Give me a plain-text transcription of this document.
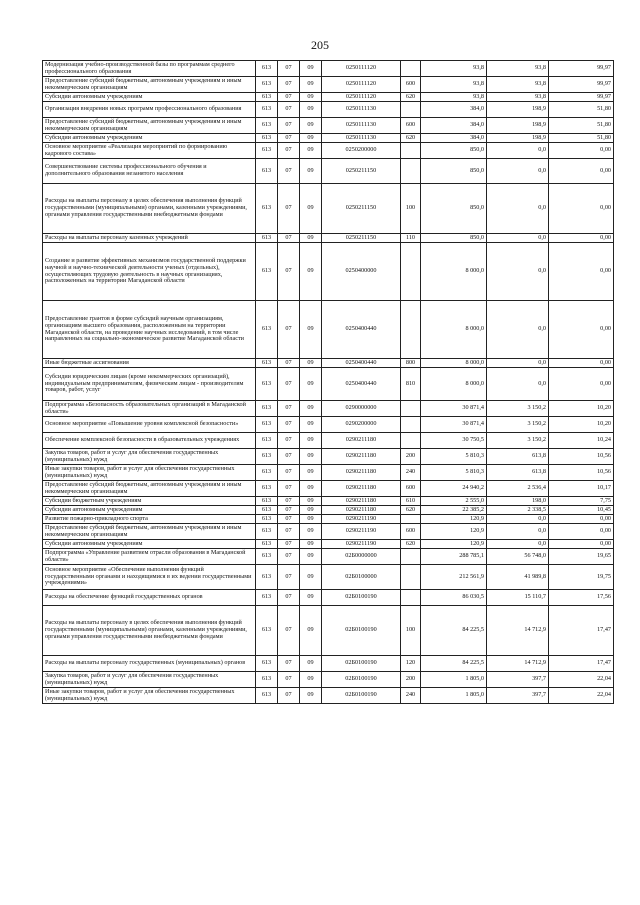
205
Модернизация учебно-производственной базы по программам среднего профессионального образования	613	07	09	0250111120		93,8	93,8	99,97
Предоставление субсидий бюджетным, автономным учреждениям и иным некоммерческим организациям	613	07	09	0250111120	600	93,8	93,8	99,97
Субсидии автономным учреждениям	613	07	09	0250111120	620	93,8	93,8	99,97
Организация внедрения новых программ профессионального образования	613	07	09	0250111130		384,0	198,9	51,80
Предоставление субсидий бюджетным, автономным учреждениям и иным некоммерческим организациям	613	07	09	0250111130	600	384,0	198,9	51,80
Субсидии автономным учреждениям	613	07	09	0250111130	620	384,0	198,9	51,80
Основное мероприятие «Реализация мероприятий по формированию кадрового состава»	613	07	09	0250200000		850,0	0,0	0,00
Совершенствование системы профессионального обучения и дополнительного образования незанятого населения	613	07	09	0250211150		850,0	0,0	0,00
Расходы на выплаты персоналу в целях обеспечения выполнения функций государственными (муниципальными) органами, казенными учреждениями, органами управления государственными внебюджетными фондами	613	07	09	0250211150	100	850,0	0,0	0,00
Расходы на выплаты персоналу казенных учреждений	613	07	09	0250211150	110	850,0	0,0	0,00
Создание и развитие эффективных механизмов государственной поддержки научной и научно-технической деятельности ученых (отдельных), осуществляющих трудовую деятельность в научных организациях, расположенных на территории Магаданской области	613	07	09	0250400000		8 000,0	0,0	0,00
Предоставление грантов в форме субсидий научным организациям, организациям высшего образования, расположенным на территории Магаданской области, на проведение научных исследований, в том числе направленных на социально-экономическое развитие Магаданской области	613	07	09	0250400440		8 000,0	0,0	0,00
Иные бюджетные ассигнования	613	07	09	0250400440	800	8 000,0	0,0	0,00
Субсидии юридическим лицам (кроме некоммерческих организаций), индивидуальным предпринимателям, физическим лицам - производителям товаров, работ, услуг	613	07	09	0250400440	810	8 000,0	0,0	0,00
Подпрограмма «Безопасность образовательных организаций в Магаданской области»	613	07	09	0290000000		30 871,4	3 150,2	10,20
Основное мероприятие «Повышение уровня комплексной безопасности»	613	07	09	0290200000		30 871,4	3 150,2	10,20
Обеспечение комплексной безопасности в образовательных учреждениях	613	07	09	0290211180		30 750,5	3 150,2	10,24
Закупка товаров, работ и услуг для обеспечения государственных (муниципальных) нужд	613	07	09	0290211180	200	5 810,3	613,8	10,56
Иные закупки товаров, работ и услуг для обеспечения государственных (муниципальных) нужд	613	07	09	0290211180	240	5 810,3	613,8	10,56
Предоставление субсидий бюджетным, автономным учреждениям и иным некоммерческим организациям	613	07	09	0290211180	600	24 940,2	2 536,4	10,17
Субсидии бюджетным учреждениям	613	07	09	0290211180	610	2 555,0	198,0	7,75
Субсидии автономным учреждениям	613	07	09	0290211180	620	22 385,2	2 338,5	10,45
Развитие пожарно-прикладного спорта	613	07	09	0290211190		120,9	0,0	0,00
Предоставление субсидий бюджетным, автономным учреждениям и иным некоммерческим организациям	613	07	09	0290211190	600	120,9	0,0	0,00
Субсидии автономным учреждениям	613	07	09	0290211190	620	120,9	0,0	0,00
Подпрограмма «Управление развитием отрасли образования в Магаданской области»	613	07	09	02Б0000000		288 785,1	56 748,0	19,65
Основное мероприятие «Обеспечение выполнения функций государственными органами и находящимися в их ведении государственными учреждениями»	613	07	09	02Б0100000		212 561,9	41 989,8	19,75
Расходы на обеспечение функций государственных органов	613	07	09	02Б0100190		86 030,5	15 110,7	17,56
Расходы на выплаты персоналу в целях обеспечения выполнения функций государственными (муниципальными) органами, казенными учреждениями, органами управления государственными внебюджетными фондами	613	07	09	02Б0100190	100	84 225,5	14 712,9	17,47
Расходы на выплаты персоналу государственных (муниципальных) органов	613	07	09	02Б0100190	120	84 225,5	14 712,9	17,47
Закупка товаров, работ и услуг для обеспечения государственных (муниципальных) нужд	613	07	09	02Б0100190	200	1 805,0	397,7	22,04
Иные закупки товаров, работ и услуг для обеспечения государственных (муниципальных) нужд	613	07	09	02Б0100190	240	1 805,0	397,7	22,04
